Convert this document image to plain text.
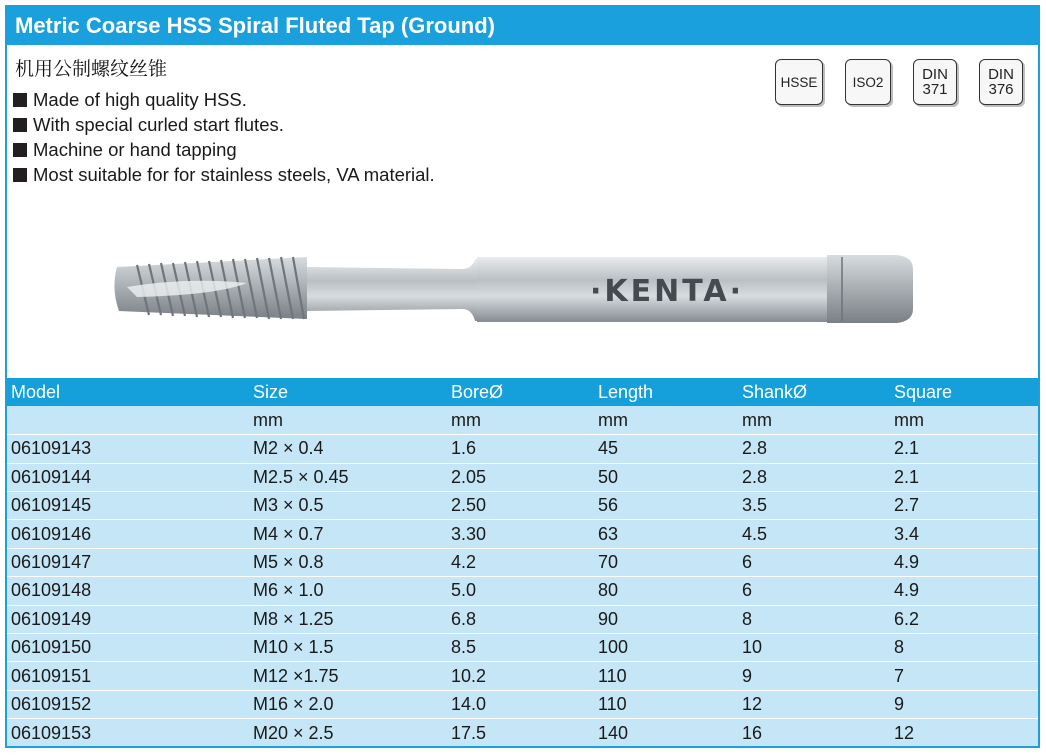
Metric Coarse HSS Spiral Fluted Tap (Ground)
机用公制螺纹丝锥
Made of high quality HSS.
With special curled start flutes.
Machine or hand tapping
Most suitable for for stainless steels, VA material.
HSSE	ISO2	DIN
371
DIN
376
·KENTA·
Model	Size	BoreØ	Length	ShankØ	Square
	mm	mm	mm	mm	mm
06109143	M2 × 0.4	1.6	45	2.8	2.1
06109144	M2.5 × 0.45	2.05	50	2.8	2.1
06109145	M3 × 0.5	2.50	56	3.5	2.7
06109146	M4 × 0.7	3.30	63	4.5	3.4
06109147	M5 × 0.8	4.2	70	6	4.9
06109148	M6 × 1.0	5.0	80	6	4.9
06109149	M8 × 1.25	6.8	90	8	6.2
06109150	M10 × 1.5	8.5	100	10	8
06109151	M12 ×1.75	10.2	110	9	7
06109152	M16 × 2.0	14.0	110	12	9
06109153	M20 × 2.5	17.5	140	16	12
